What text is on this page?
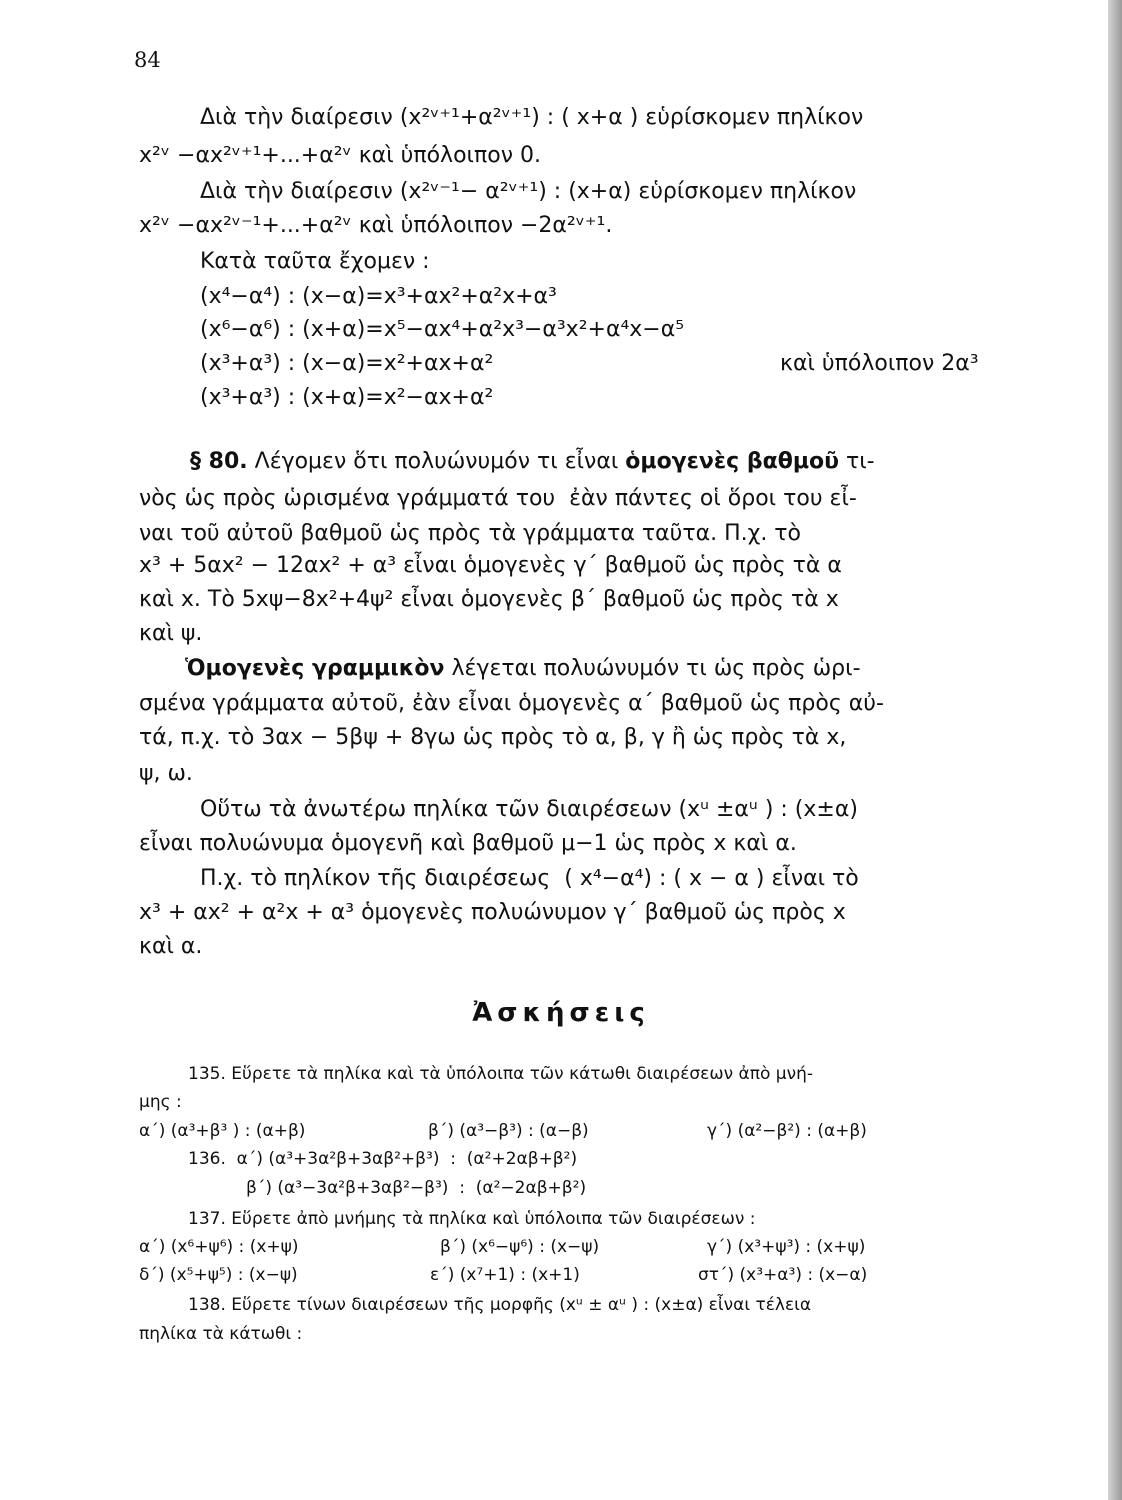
84
Διὰ τὴν διαίρεσιν (x²ᵛ⁺¹+α²ᵛ⁺¹) : ( x+α ) εὑρίσκομεν πηλίκον
x²ᵛ −αx²ᵛ⁺¹+...+α²ᵛ καὶ ὑπόλοιπον 0.
Διὰ τὴν διαίρεσιν (x²ᵛ⁻¹− α²ᵛ⁺¹) : (x+α) εὑρίσκομεν πηλίκον
x²ᵛ −αx²ᵛ⁻¹+...+α²ᵛ καὶ ὑπόλοιπον −2α²ᵛ⁺¹.
Κατὰ ταῦτα ἔχομεν :
(x⁴−α⁴) : (x−α)=x³+αx²+α²x+α³
(x⁶−α⁶) : (x+α)=x⁵−αx⁴+α²x³−α³x²+α⁴x−α⁵
(x³+α³) : (x−α)=x²+αx+α²	καὶ ὑπόλοιπον 2α³
(x³+α³) : (x+α)=x²−αx+α²
§ 80. Λέγομεν ὅτι πολυώνυμόν τι εἶναι ὁμογενὲς βαθμοῦ τι-
νὸς ὡς πρὸς ὡρισμένα γράμματά του  ἐὰν πάντες οἱ ὅροι του εἶ-
ναι τοῦ αὐτοῦ βαθμοῦ ὡς πρὸς τὰ γράμματα ταῦτα. Π.χ. τὸ
x³ + 5αx² − 12αx² + α³ εἶναι ὁμογενὲς γ΄ βαθμοῦ ὡς πρὸς τὰ α
καὶ x. Τὸ 5xψ−8x²+4ψ² εἶναι ὁμογενὲς β΄ βαθμοῦ ὡς πρὸς τὰ x
καὶ ψ.
Ὁμογενὲς γραμμικὸν λέγεται πολυώνυμόν τι ὡς πρὸς ὡρι-
σμένα γράμματα αὐτοῦ, ἐὰν εἶναι ὁμογενὲς α΄ βαθμοῦ ὡς πρὸς αὐ-
τά, π.χ. τὸ 3αx − 5βψ + 8γω ὡς πρὸς τὸ α, β, γ ἢ ὡς πρὸς τὰ x,
ψ, ω.
Οὕτω τὰ ἀνωτέρω πηλίκα τῶν διαιρέσεων (xᵘ ±αᵘ ) : (x±α)
εἶναι πολυώνυμα ὁμογενῆ καὶ βαθμοῦ μ−1 ὡς πρὸς x καὶ α.
Π.χ. τὸ πηλίκον τῆς διαιρέσεως  ( x⁴−α⁴) : ( x − α ) εἶναι τὸ
x³ + αx² + α²x + α³ ὁμογενὲς πολυώνυμον γ΄ βαθμοῦ ὡς πρὸς x
καὶ α.
Ἀσκήσεις
135. Εὕρετε τὰ πηλίκα καὶ τὰ ὑπόλοιπα τῶν κάτωθι διαιρέσεων ἀπὸ μνή-
μης :
α΄) (α³+β³ ) : (α+β)	β΄) (α³−β³) : (α−β)	γ΄) (α²−β²) : (α+β)
136.  α΄) (α³+3α²β+3αβ²+β³)  :  (α²+2αβ+β²)
β΄) (α³−3α²β+3αβ²−β³)  :  (α²−2αβ+β²)
137. Εὕρετε ἀπὸ μνήμης τὰ πηλίκα καὶ ὑπόλοιπα τῶν διαιρέσεων :
α΄) (x⁶+ψ⁶) : (x+ψ)	β΄) (x⁶−ψ⁶) : (x−ψ)	γ΄) (x³+ψ³) : (x+ψ)
δ΄) (x⁵+ψ⁵) : (x−ψ)	ε΄) (x⁷+1) : (x+1)	στ΄) (x³+α³) : (x−α)
138. Εὕρετε τίνων διαιρέσεων τῆς μορφῆς (xᵘ ± αᵘ ) : (x±α) εἶναι τέλεια
πηλίκα τὰ κάτωθι :
